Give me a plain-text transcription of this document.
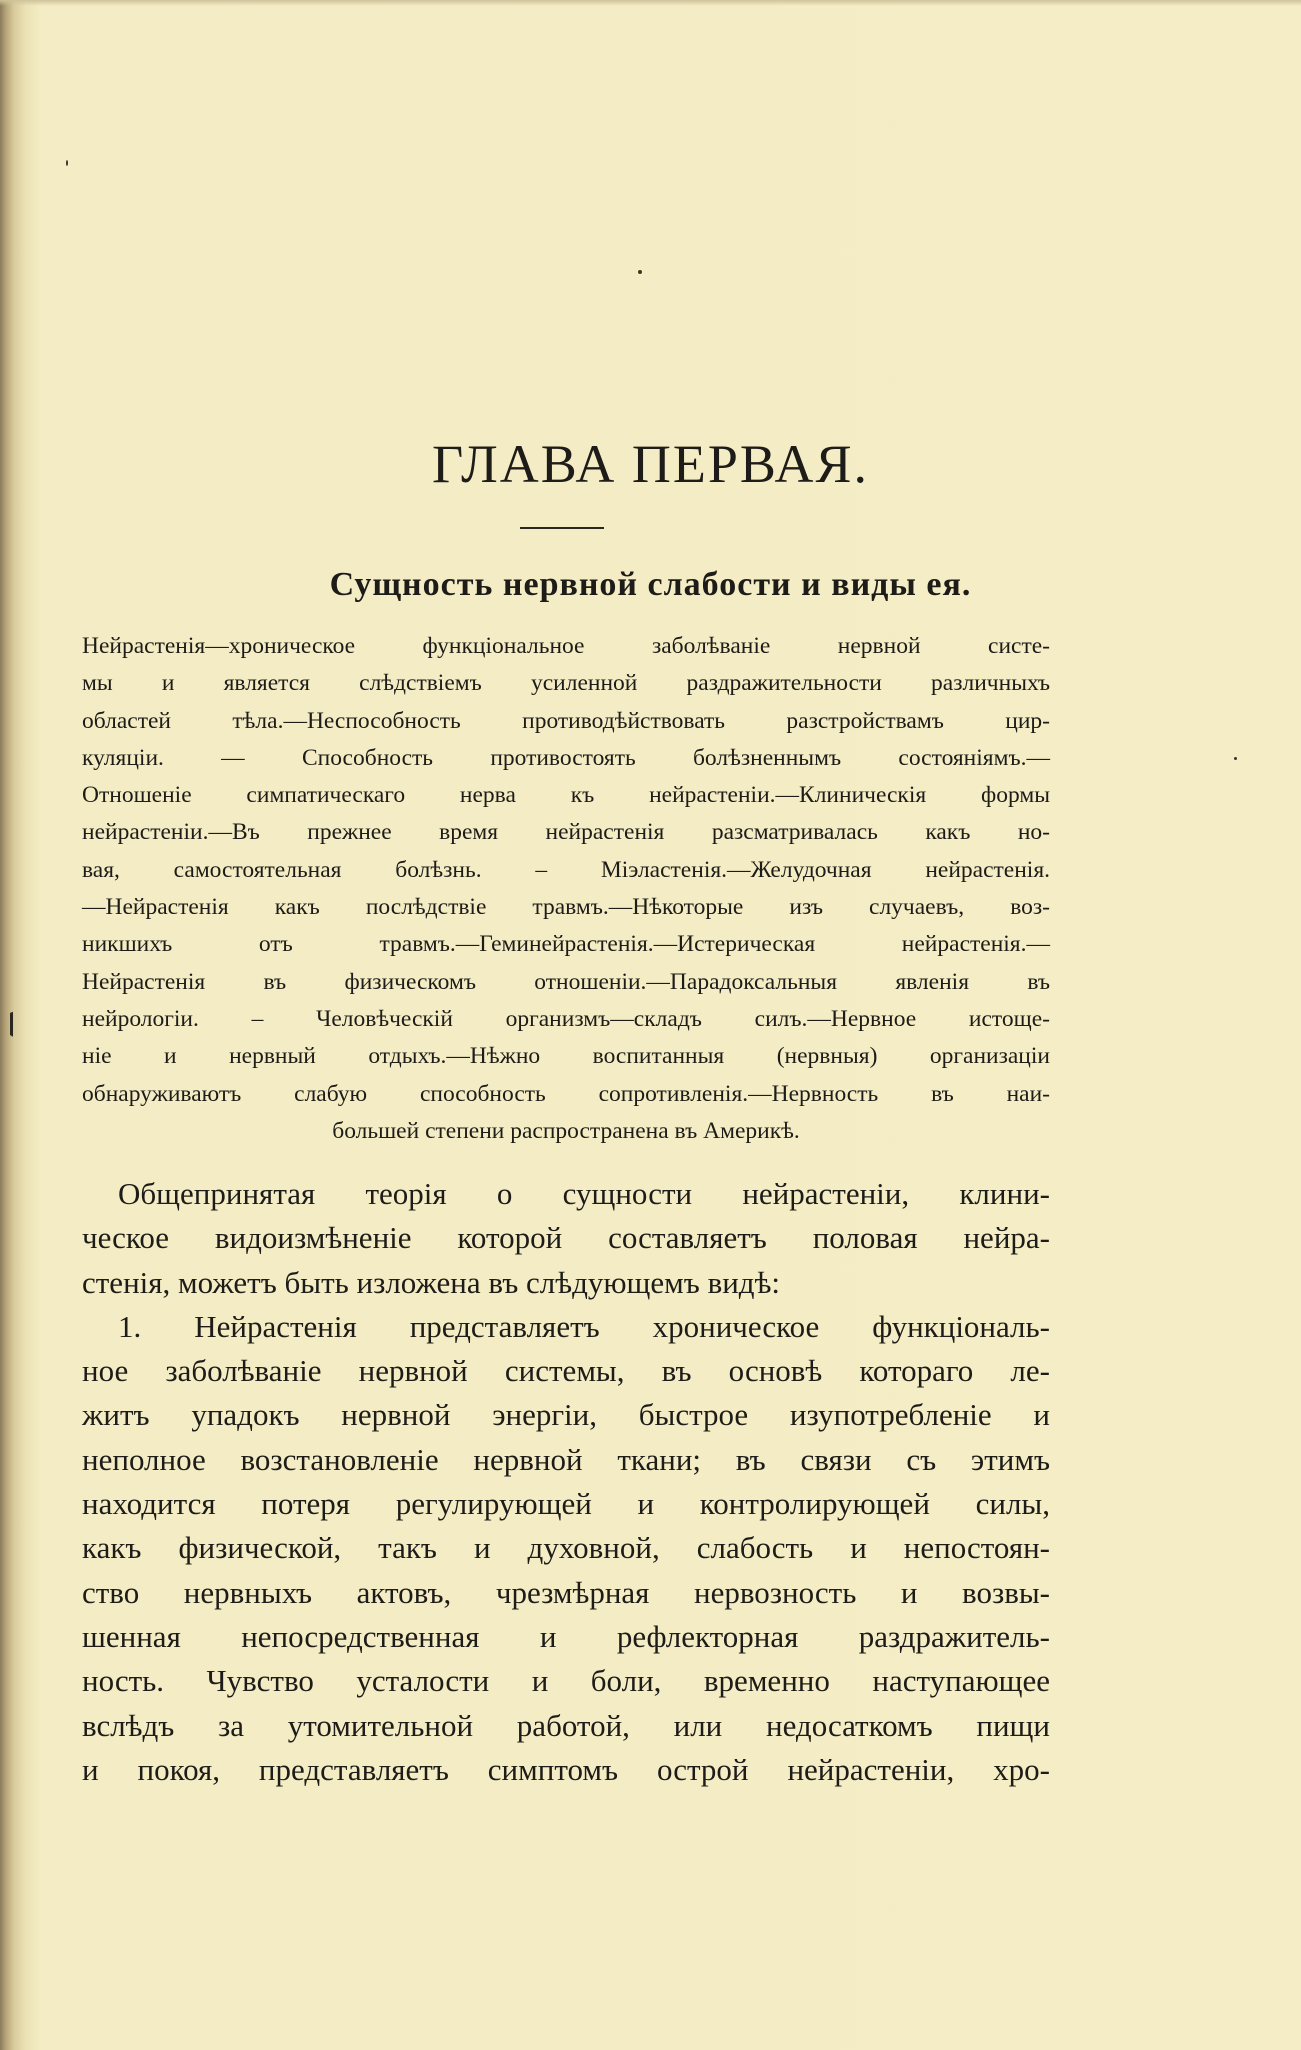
ГЛАВА ПЕРВАЯ.
Сущность нервной слабости и виды ея.
Нейрастенія—хроническое функціональное заболѣваніе нервной систе-
мы и является слѣдствіемъ усиленной раздражительности различныхъ
областей тѣла.—Неспособность противодѣйствовать разстройствамъ цир-
куляціи. — Способность противостоять болѣзненнымъ состояніямъ.—
Отношеніе симпатическаго нерва къ нейрастеніи.—Клиническія формы
нейрастеніи.—Въ прежнее время нейрастенія разсматривалась какъ но-
вая, самостоятельная болѣзнь. – Міэластенія.—Желудочная нейрастенія.
—Нейрастенія какъ послѣдствіе травмъ.—Нѣкоторые изъ случаевъ, воз-
никшихъ отъ травмъ.—Геминейрастенія.—Истерическая нейрастенія.—
Нейрастенія въ физическомъ отношеніи.—Парадоксальныя явленія въ
нейрологіи. – Человѣческій организмъ—складъ силъ.—Нервное истоще-
ніе и нервный отдыхъ.—Нѣжно воспитанныя (нервныя) организаціи
обнаруживаютъ слабую способность сопротивленія.—Нервность въ наи-
большей степени распространена въ Америкѣ.
Общепринятая теорія о сущности нейрастеніи, клини-
ческое видоизмѣненіе которой составляетъ половая нейра-
стенія, можетъ быть изложена въ слѣдующемъ видѣ:
1. Нейрастенія представляетъ хроническое функціональ-
ное заболѣваніе нервной системы, въ основѣ котораго ле-
житъ упадокъ нервной энергіи, быстрое изупотребленіе и
неполное возстановленіе нервной ткани; въ связи съ этимъ
находится потеря регулирующей и контролирующей силы,
какъ физической, такъ и духовной, слабость и непостоян-
ство нервныхъ актовъ, чрезмѣрная нервозность и возвы-
шенная непосредственная и рефлекторная раздражитель-
ность. Чувство усталости и боли, временно наступающее
вслѣдъ за утомительной работой, или недосаткомъ пищи
и покоя, представляетъ симптомъ острой нейрастеніи, хро-
